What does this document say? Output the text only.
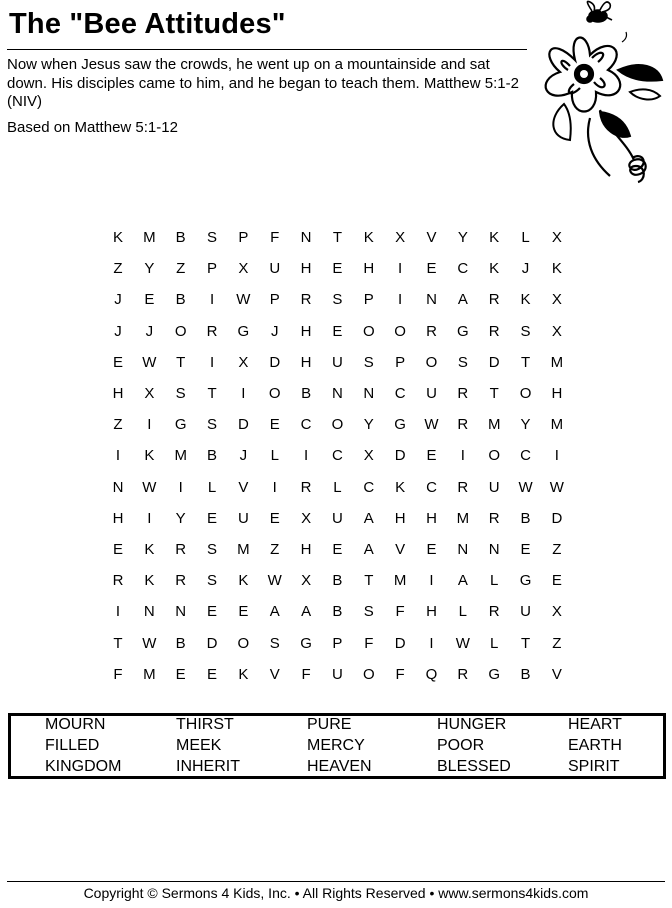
The "Bee Attitudes"

Now when Jesus saw the crowds, he went up on a mountainside and sat down. His disciples came to him, and he began to teach them. Matthew 5:1-2 (NIV)

Based on Matthew 5:1-12

K	M	B	S	P	F	N	T	K	X	V	Y	K	L	X
Z	Y	Z	P	X	U	H	E	H	I	E	C	K	J	K
J	E	B	I	W	P	R	S	P	I	N	A	R	K	X
J	J	O	R	G	J	H	E	O	O	R	G	R	S	X
E	W	T	I	X	D	H	U	S	P	O	S	D	T	M
H	X	S	T	I	O	B	N	N	C	U	R	T	O	H
Z	I	G	S	D	E	C	O	Y	G	W	R	M	Y	M
I	K	M	B	J	L	I	C	X	D	E	I	O	C	I
N	W	I	L	V	I	R	L	C	K	C	R	U	W W
H	I	Y	E	U	E	X	U	A	H	H	M	R	B	D
E	K	R	S	M	Z	H	E	A	V	E	N	N	E	Z
R	K	R	S	K	W	X	B	T	M	I	A	L	G	E
I	N	N	E	E	A	A	B	S	F	H	L	R	U	X
T	W	B	D	O	S	G	P	F	D	I	W	L	T	Z
F	M	E	E	K	V	F	U	O	F	Q	R	G	B	V
MOURN	THIRST	PURE	HUNGER	HEART
FILLED	MEEK	MERCY	POOR	EARTH
KINGDOM	INHERIT	HEAVEN	BLESSED	SPIRIT
Copyright © Sermons 4 Kids, Inc. • All Rights Reserved • www.sermons4kids.com
